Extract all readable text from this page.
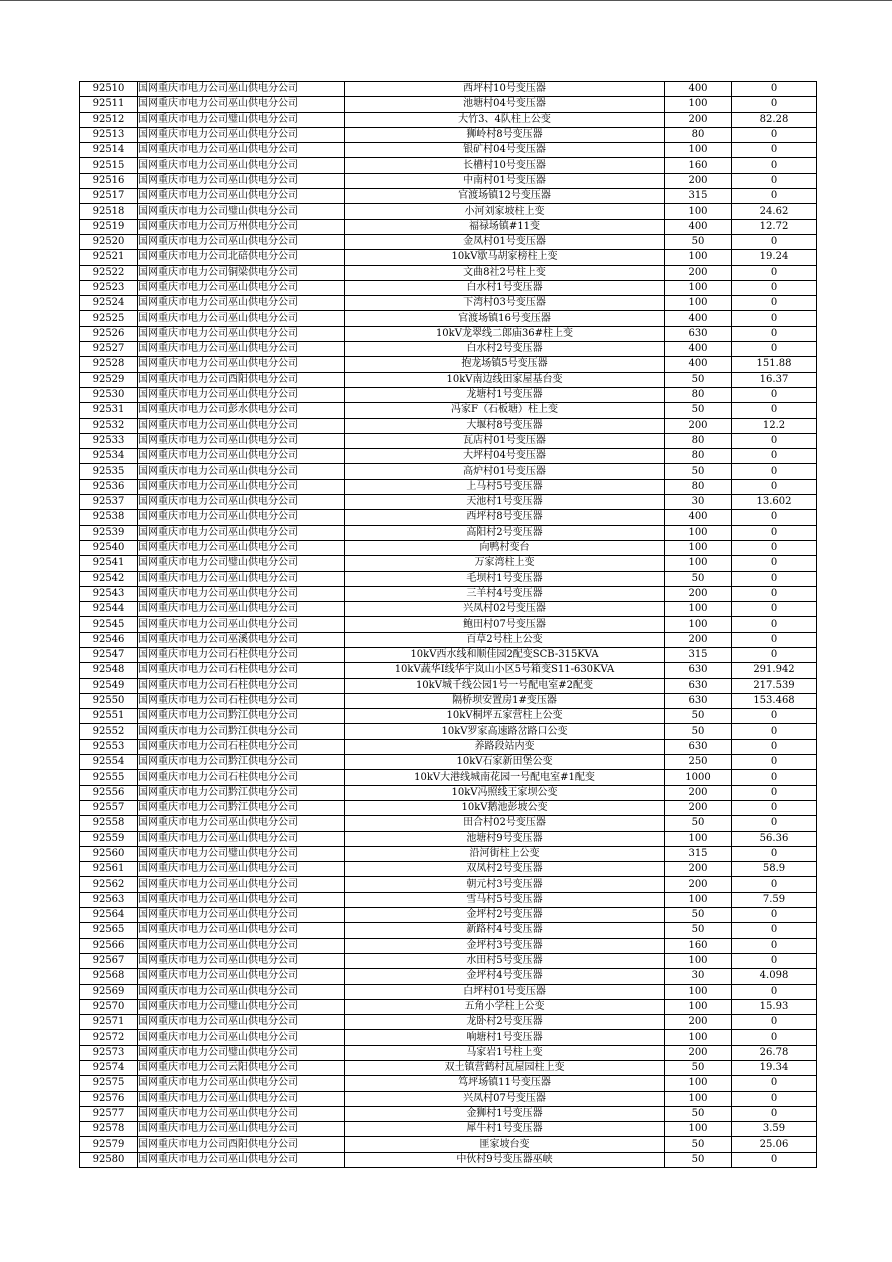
92510	国网重庆市电力公司巫山供电分公司	西坪村10号变压器	400	0
92511	国网重庆市电力公司巫山供电分公司	池塘村04号变压器	100	0
92512	国网重庆市电力公司璧山供电分公司	大竹3、4队柱上公变	200	82.28
92513	国网重庆市电力公司巫山供电分公司	狮岭村8号变压器	80	0
92514	国网重庆市电力公司巫山供电分公司	银矿村04号变压器	100	0
92515	国网重庆市电力公司巫山供电分公司	长槽村10号变压器	160	0
92516	国网重庆市电力公司巫山供电分公司	中南村01号变压器	200	0
92517	国网重庆市电力公司巫山供电分公司	官渡场镇12号变压器	315	0
92518	国网重庆市电力公司璧山供电分公司	小河刘家坡柱上变	100	24.62
92519	国网重庆市电力公司万州供电分公司	福禄场镇#11变	400	12.72
92520	国网重庆市电力公司巫山供电分公司	金凤村01号变压器	50	0
92521	国网重庆市电力公司北碚供电分公司	10kV歇马胡家榜柱上变	100	19.24
92522	国网重庆市电力公司铜梁供电分公司	文曲8社2号柱上变	200	0
92523	国网重庆市电力公司巫山供电分公司	白水村1号变压器	100	0
92524	国网重庆市电力公司巫山供电分公司	下湾村03号变压器	100	0
92525	国网重庆市电力公司巫山供电分公司	官渡场镇16号变压器	400	0
92526	国网重庆市电力公司巫山供电分公司	10kV龙翠线二郎庙36#柱上变	630	0
92527	国网重庆市电力公司巫山供电分公司	白水村2号变压器	400	0
92528	国网重庆市电力公司巫山供电分公司	抱龙场镇5号变压器	400	151.88
92529	国网重庆市电力公司酉阳供电分公司	10kV南边线田家屋基台变	50	16.37
92530	国网重庆市电力公司巫山供电分公司	龙塘村1号变压器	80	0
92531	国网重庆市电力公司彭水供电分公司	冯家F（石板塘）柱上变	50	0
92532	国网重庆市电力公司巫山供电分公司	大堰村8号变压器	200	12.2
92533	国网重庆市电力公司巫山供电分公司	瓦店村01号变压器	80	0
92534	国网重庆市电力公司巫山供电分公司	大坪村04号变压器	80	0
92535	国网重庆市电力公司巫山供电分公司	高炉村01号变压器	50	0
92536	国网重庆市电力公司巫山供电分公司	上马村5号变压器	80	0
92537	国网重庆市电力公司巫山供电分公司	天池村1号变压器	30	13.602
92538	国网重庆市电力公司巫山供电分公司	西坪村8号变压器	400	0
92539	国网重庆市电力公司巫山供电分公司	高阳村2号变压器	100	0
92540	国网重庆市电力公司巫山供电分公司	向鸭村变台	100	0
92541	国网重庆市电力公司璧山供电分公司	万家湾柱上变	100	0
92542	国网重庆市电力公司巫山供电分公司	毛坝村1号变压器	50	0
92543	国网重庆市电力公司巫山供电分公司	三羊村4号变压器	200	0
92544	国网重庆市电力公司巫山供电分公司	兴凤村02号变压器	100	0
92545	国网重庆市电力公司巫山供电分公司	鲍田村07号变压器	100	0
92546	国网重庆市电力公司巫溪供电分公司	百草2号柱上公变	200	0
92547	国网重庆市电力公司石柱供电分公司	10kV西水线和顺佳园2配变SCB-315KVA	315	0
92548	国网重庆市电力公司石柱供电分公司	10kV蔬华Ⅰ线华宇岚山小区5号箱变S11-630KVA	630	291.942
92549	国网重庆市电力公司石柱供电分公司	10kV城千线公园1号一号配电室#2配变	630	217.539
92550	国网重庆市电力公司石柱供电分公司	隔桥坝安置房1#变压器	630	153.468
92551	国网重庆市电力公司黔江供电分公司	10kV桐坪五家营柱上公变	50	0
92552	国网重庆市电力公司黔江供电分公司	10kV罗家高速路岔路口公变	50	0
92553	国网重庆市电力公司石柱供电分公司	养路段站内变	630	0
92554	国网重庆市电力公司黔江供电分公司	10kV石家新田堡公变	250	0
92555	国网重庆市电力公司石柱供电分公司	10kV大港线城南花园一号配电室#1配变	1000	0
92556	国网重庆市电力公司黔江供电分公司	10kV冯照线王家坝公变	200	0
92557	国网重庆市电力公司黔江供电分公司	10kV鹅池彭坡公变	200	0
92558	国网重庆市电力公司巫山供电分公司	田合村02号变压器	50	0
92559	国网重庆市电力公司巫山供电分公司	池塘村9号变压器	100	56.36
92560	国网重庆市电力公司璧山供电分公司	沿河街柱上公变	315	0
92561	国网重庆市电力公司巫山供电分公司	双凤村2号变压器	200	58.9
92562	国网重庆市电力公司巫山供电分公司	朝元村3号变压器	200	0
92563	国网重庆市电力公司巫山供电分公司	雪马村5号变压器	100	7.59
92564	国网重庆市电力公司巫山供电分公司	金坪村2号变压器	50	0
92565	国网重庆市电力公司巫山供电分公司	新路村4号变压器	50	0
92566	国网重庆市电力公司巫山供电分公司	金坪村3号变压器	160	0
92567	国网重庆市电力公司巫山供电分公司	水田村5号变压器	100	0
92568	国网重庆市电力公司巫山供电分公司	金坪村4号变压器	30	4.098
92569	国网重庆市电力公司巫山供电分公司	白坪村01号变压器	100	0
92570	国网重庆市电力公司璧山供电分公司	五角小学柱上公变	100	15.93
92571	国网重庆市电力公司巫山供电分公司	龙卧村2号变压器	200	0
92572	国网重庆市电力公司巫山供电分公司	响塘村1号变压器	100	0
92573	国网重庆市电力公司璧山供电分公司	马家岩1号柱上变	200	26.78
92574	国网重庆市电力公司云阳供电分公司	双土镇营鹤村瓦屋园柱上变	50	19.34
92575	国网重庆市电力公司巫山供电分公司	笃坪场镇11号变压器	100	0
92576	国网重庆市电力公司巫山供电分公司	兴凤村07号变压器	100	0
92577	国网重庆市电力公司巫山供电分公司	金狮村1号变压器	50	0
92578	国网重庆市电力公司巫山供电分公司	犀牛村1号变压器	100	3.59
92579	国网重庆市电力公司酉阳供电分公司	匪家坡台变	50	25.06
92580	国网重庆市电力公司巫山供电分公司	中伙村9号变压器巫峡	50	0
